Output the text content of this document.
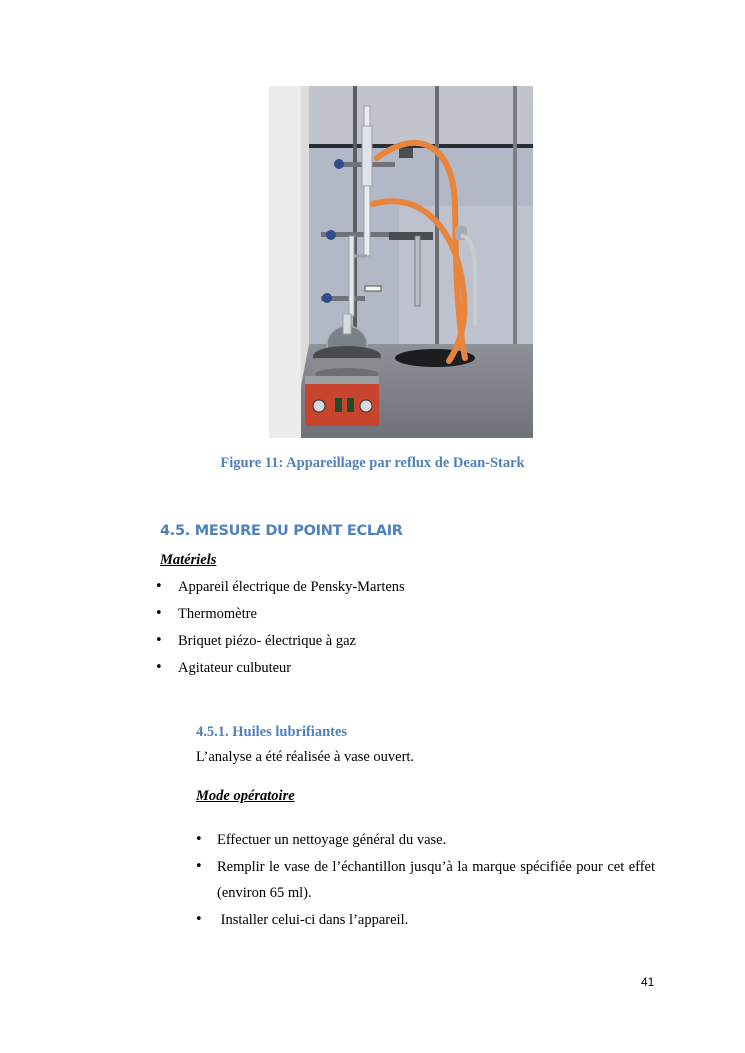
Figure 11: Appareillage par reflux de Dean-Stark
4.5. MESURE DU POINT ECLAIR
Matériels
• Appareil électrique de Pensky-Martens
• Thermomètre
• Briquet piézo- électrique à gaz
• Agitateur culbuteur
4.5.1. Huiles lubrifiantes
L’analyse a été réalisée à vase ouvert.
Mode opératoire
• Effectuer un nettoyage général du vase.
• Remplir le vase de l’échantillon jusqu’à la marque spécifiée pour cet effet (environ 65 ml).
•  Installer celui-ci dans l’appareil.
41
